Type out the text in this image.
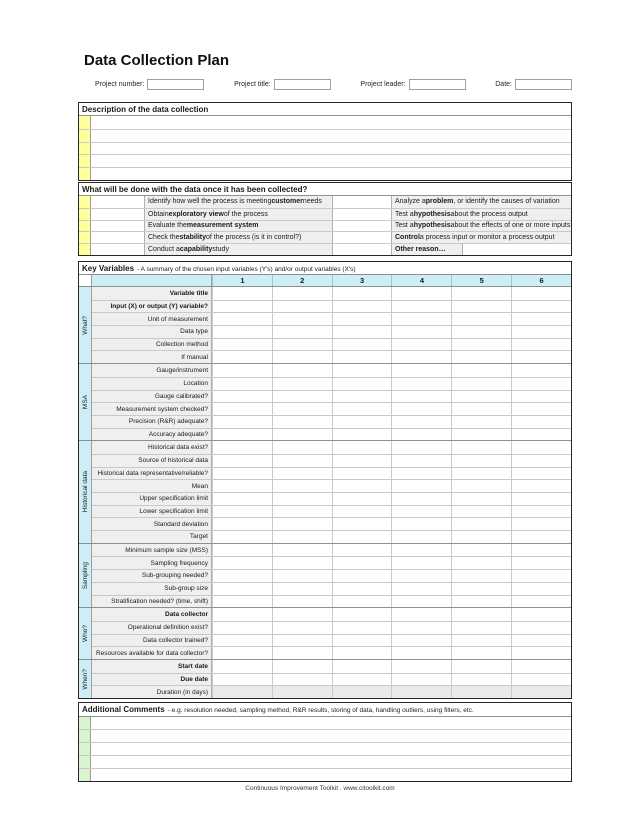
Data Collection Plan
Project number:	Project title:	Project leader:	Date:
Description of the data collection
What will be done with the data once it has been collected?
Identify how well the process is meeting customer needs	Analyze a problem , or identify the causes of variation
Obtain exploratory view of the process	Test a hypothesis about the process output
Evaluate the measurement system	Test a hypothesis about the effects of one or more inputs
Check the stability of the process (is it in control?)	Control a process input or monitor a process output
Conduct a capability study	Other reason…
Key Variables - A summary of the chosen input variables (Y's) and/or output variables (X's)
1	2	3	4	5	6
What?
Variable title
Input (X) or output (Y) variable?
Unit of measurement
Data type
Collection method
If manual
MSA
Gauge/instrument
Location
Gauge calibrated?
Measurement system checked?
Precision (R&R) adequate?
Accuracy adequate?
Historical data
Historical data exist?
Source of historical data
Historical data representative/reliable?
Mean
Upper specification limit
Lower specification limit
Standard deviation
Target
Sampling
Minimum sample size (MSS)
Sampling frequency
Sub-grouping needed?
Sub-group size
Stratification needed? (time, shift)
Who?
Data collector
Operational definition exist?
Data collector trained?
Resources available for data collector?
When?
Start date
Due date
Duration (in days)
Additional Comments - e.g. resolution needed, sampling method, R&R results, storing of data, handling outliers, using filters, etc.
Continuous Improvement Toolkit . www.citoolkit.com
